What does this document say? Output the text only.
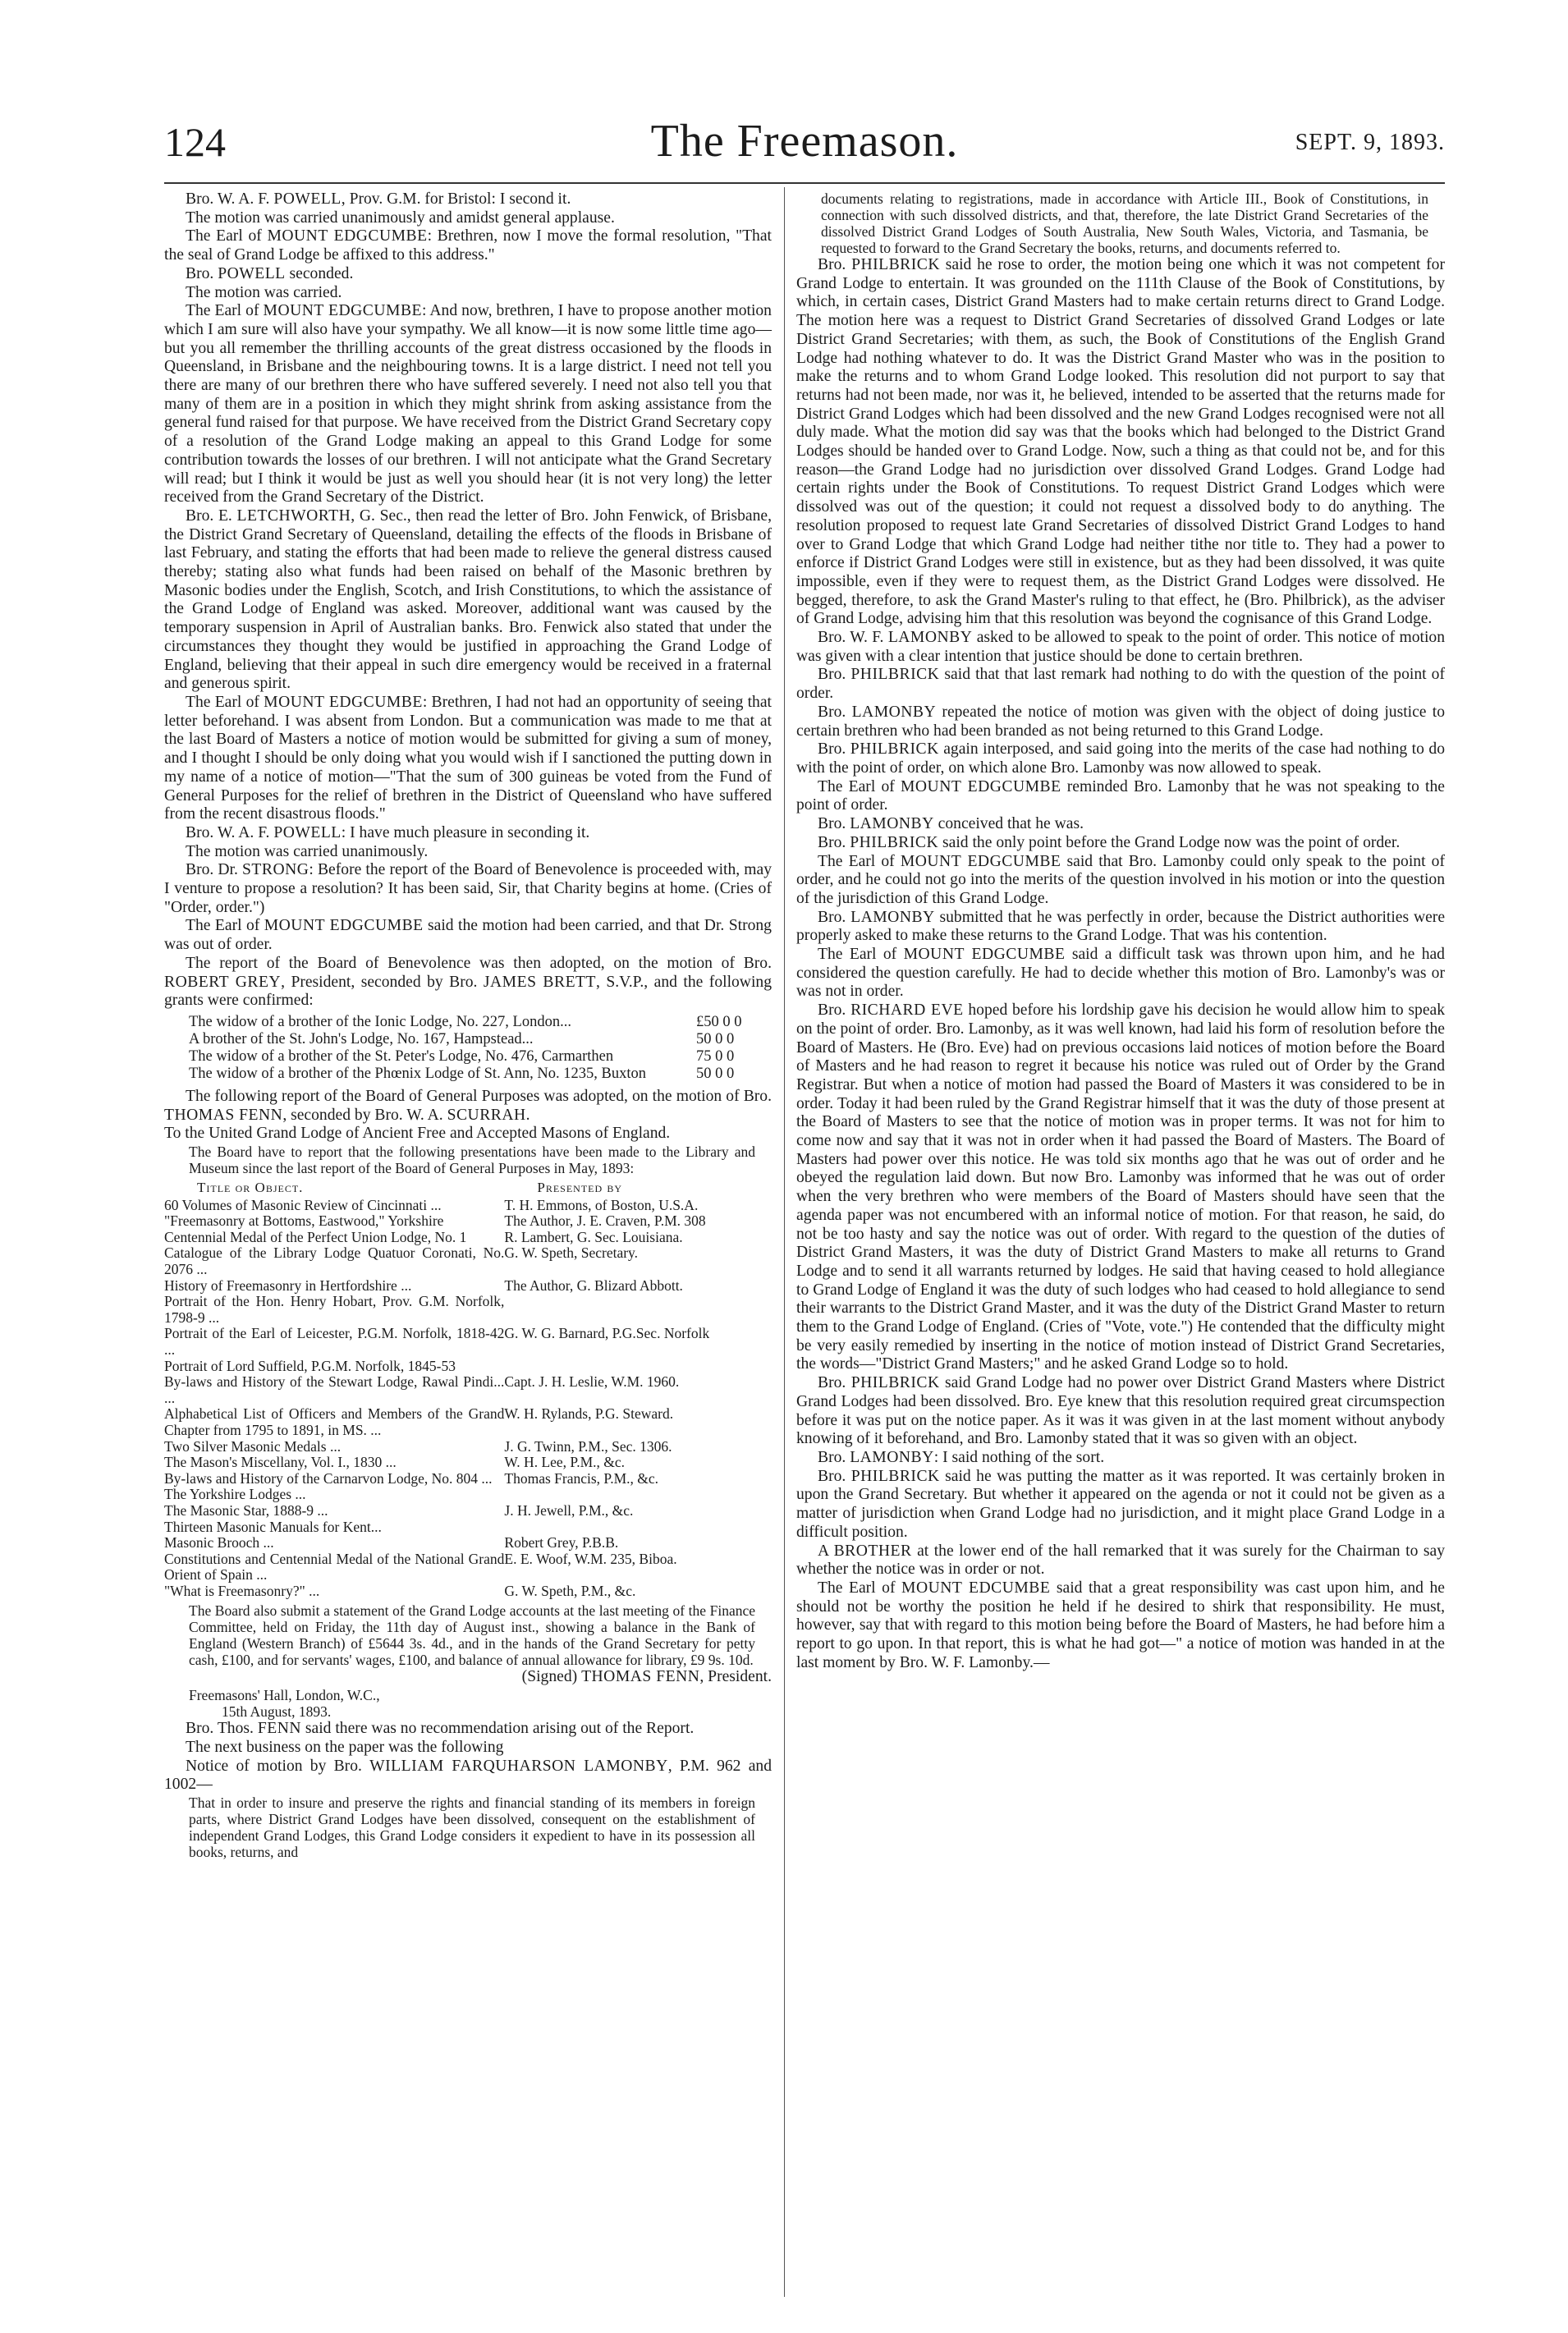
124	The Freemason.	SEPT. 9, 1893.

Bro. W. A. F. POWELL, Prov. G.M. for Bristol: I second it.

The motion was carried unanimously and amidst general applause.

The Earl of MOUNT EDGCUMBE: Brethren, now I move the formal resolution, "That the seal of Grand Lodge be affixed to this address."

Bro. POWELL seconded.

The motion was carried.

The Earl of MOUNT EDGCUMBE: And now, brethren, I have to propose another motion which I am sure will also have your sympathy. We all know—it is now some little time ago—but you all remember the thrilling accounts of the great distress occasioned by the floods in Queensland, in Brisbane and the neighbouring towns. It is a large district. I need not tell you there are many of our brethren there who have suffered severely. I need not also tell you that many of them are in a position in which they might shrink from asking assistance from the general fund raised for that purpose. We have received from the District Grand Secretary copy of a resolution of the Grand Lodge making an appeal to this Grand Lodge for some contribution towards the losses of our brethren. I will not anticipate what the Grand Secretary will read; but I think it would be just as well you should hear (it is not very long) the letter received from the Grand Secretary of the District.

Bro. E. LETCHWORTH, G. Sec., then read the letter of Bro. John Fenwick, of Brisbane, the District Grand Secretary of Queensland, detailing the effects of the floods in Brisbane of last February, and stating the efforts that had been made to relieve the general distress caused thereby; stating also what funds had been raised on behalf of the Masonic brethren by Masonic bodies under the English, Scotch, and Irish Constitutions, to which the assistance of the Grand Lodge of England was asked. Moreover, additional want was caused by the temporary suspension in April of Australian banks. Bro. Fenwick also stated that under the circumstances they thought they would be justified in approaching the Grand Lodge of England, believing that their appeal in such dire emergency would be received in a fraternal and generous spirit.

The Earl of MOUNT EDGCUMBE: Brethren, I had not had an opportunity of seeing that letter beforehand. I was absent from London. But a communication was made to me that at the last Board of Masters a notice of motion would be submitted for giving a sum of money, and I thought I should be only doing what you would wish if I sanctioned the putting down in my name of a notice of motion—"That the sum of 300 guineas be voted from the Fund of General Purposes for the relief of brethren in the District of Queensland who have suffered from the recent disastrous floods."

Bro. W. A. F. POWELL: I have much pleasure in seconding it.

The motion was carried unanimously.

Bro. Dr. STRONG: Before the report of the Board of Benevolence is proceeded with, may I venture to propose a resolution? It has been said, Sir, that Charity begins at home. (Cries of "Order, order.")

The Earl of MOUNT EDGCUMBE said the motion had been carried, and that Dr. Strong was out of order.

The report of the Board of Benevolence was then adopted, on the motion of Bro. ROBERT GREY, President, seconded by Bro. JAMES BRETT, S.V.P., and the following grants were confirmed:

The widow of a brother of the Ionic Lodge, No. 227, London...	£50 0 0
A brother of the St. John's Lodge, No. 167, Hampstead...	50 0 0
The widow of a brother of the St. Peter's Lodge, No. 476, Carmarthen	75 0 0
The widow of a brother of the Phœnix Lodge of St. Ann, No. 1235, Buxton	50 0 0

The following report of the Board of General Purposes was adopted, on the motion of Bro. THOMAS FENN, seconded by Bro. W. A. SCURRAH.

To the United Grand Lodge of Ancient Free and Accepted Masons of England.

The Board have to report that the following presentations have been made to the Library and Museum since the last report of the Board of General Purposes in May, 1893:

Title or Object.	Presented by
60 Volumes of Masonic Review of Cincinnati ...	T. H. Emmons, of Boston, U.S.A.
"Freemasonry at Bottoms, Eastwood," Yorkshire	The Author, J. E. Craven, P.M. 308
Centennial Medal of the Perfect Union Lodge, No. 1	R. Lambert, G. Sec. Louisiana.
Catalogue of the Library Lodge Quatuor Coronati, No. 2076 ...	G. W. Speth, Secretary.
History of Freemasonry in Hertfordshire ...	The Author, G. Blizard Abbott.
Portrait of the Hon. Henry Hobart, Prov. G.M. Norfolk, 1798-9 ...	
Portrait of the Earl of Leicester, P.G.M. Norfolk, 1818-42 ...	G. W. G. Barnard, P.G.Sec. Norfolk
Portrait of Lord Suffield, P.G.M. Norfolk, 1845-53	
By-laws and History of the Stewart Lodge, Rawal Pindi... ...	Capt. J. H. Leslie, W.M. 1960.
Alphabetical List of Officers and Members of the Grand Chapter from 1795 to 1891, in MS. ...	W. H. Rylands, P.G. Steward.
Two Silver Masonic Medals ...	J. G. Twinn, P.M., Sec. 1306.
The Mason's Miscellany, Vol. I., 1830 ...	W. H. Lee, P.M., &c.
By-laws and History of the Carnarvon Lodge, No. 804 ...	Thomas Francis, P.M., &c.
The Yorkshire Lodges ...	
The Masonic Star, 1888-9 ...	J. H. Jewell, P.M., &c.
Thirteen Masonic Manuals for Kent...	
Masonic Brooch ...	Robert Grey, P.B.B.
Constitutions and Centennial Medal of the National Grand Orient of Spain ...	E. E. Woof, W.M. 235, Biboa.
"What is Freemasonry?" ...	G. W. Speth, P.M., &c.

The Board also submit a statement of the Grand Lodge accounts at the last meeting of the Finance Committee, held on Friday, the 11th day of August inst., showing a balance in the Bank of England (Western Branch) of £5644 3s. 4d., and in the hands of the Grand Secretary for petty cash, £100, and for servants' wages, £100, and balance of annual allowance for library, £9 9s. 10d.

(Signed) THOMAS FENN, President.

Freemasons' Hall, London, W.C.,

15th August, 1893.

Bro. Thos. FENN said there was no recommendation arising out of the Report.

The next business on the paper was the following

Notice of motion by Bro. WILLIAM FARQUHARSON LAMONBY, P.M. 962 and 1002—

That in order to insure and preserve the rights and financial standing of its members in foreign parts, where District Grand Lodges have been dissolved, consequent on the establishment of independent Grand Lodges, this Grand Lodge considers it expedient to have in its possession all books, returns, and

documents relating to registrations, made in accordance with Article III., Book of Constitutions, in connection with such dissolved districts, and that, therefore, the late District Grand Secretaries of the dissolved District Grand Lodges of South Australia, New South Wales, Victoria, and Tasmania, be requested to forward to the Grand Secretary the books, returns, and documents referred to.

Bro. PHILBRICK said he rose to order, the motion being one which it was not competent for Grand Lodge to entertain. It was grounded on the 111th Clause of the Book of Constitutions, by which, in certain cases, District Grand Masters had to make certain returns direct to Grand Lodge. The motion here was a request to District Grand Secretaries of dissolved Grand Lodges or late District Grand Secretaries; with them, as such, the Book of Constitutions of the English Grand Lodge had nothing whatever to do. It was the District Grand Master who was in the position to make the returns and to whom Grand Lodge looked. This resolution did not purport to say that returns had not been made, nor was it, he believed, intended to be asserted that the returns made for District Grand Lodges which had been dissolved and the new Grand Lodges recognised were not all duly made. What the motion did say was that the books which had belonged to the District Grand Lodges should be handed over to Grand Lodge. Now, such a thing as that could not be, and for this reason—the Grand Lodge had no jurisdiction over dissolved Grand Lodges. Grand Lodge had certain rights under the Book of Constitutions. To request District Grand Lodges which were dissolved was out of the question; it could not request a dissolved body to do anything. The resolution proposed to request late Grand Secretaries of dissolved District Grand Lodges to hand over to Grand Lodge that which Grand Lodge had neither tithe nor title to. They had a power to enforce if District Grand Lodges were still in existence, but as they had been dissolved, it was quite impossible, even if they were to request them, as the District Grand Lodges were dissolved. He begged, therefore, to ask the Grand Master's ruling to that effect, he (Bro. Philbrick), as the adviser of Grand Lodge, advising him that this resolution was beyond the cognisance of this Grand Lodge.

Bro. W. F. LAMONBY asked to be allowed to speak to the point of order. This notice of motion was given with a clear intention that justice should be done to certain brethren.

Bro. PHILBRICK said that that last remark had nothing to do with the question of the point of order.

Bro. LAMONBY repeated the notice of motion was given with the object of doing justice to certain brethren who had been branded as not being returned to this Grand Lodge.

Bro. PHILBRICK again interposed, and said going into the merits of the case had nothing to do with the point of order, on which alone Bro. Lamonby was now allowed to speak.

The Earl of MOUNT EDGCUMBE reminded Bro. Lamonby that he was not speaking to the point of order.

Bro. LAMONBY conceived that he was.

Bro. PHILBRICK said the only point before the Grand Lodge now was the point of order.

The Earl of MOUNT EDGCUMBE said that Bro. Lamonby could only speak to the point of order, and he could not go into the merits of the question involved in his motion or into the question of the jurisdiction of this Grand Lodge.

Bro. LAMONBY submitted that he was perfectly in order, because the District authorities were properly asked to make these returns to the Grand Lodge. That was his contention.

The Earl of MOUNT EDGCUMBE said a difficult task was thrown upon him, and he had considered the question carefully. He had to decide whether this motion of Bro. Lamonby's was or was not in order.

Bro. RICHARD EVE hoped before his lordship gave his decision he would allow him to speak on the point of order. Bro. Lamonby, as it was well known, had laid his form of resolution before the Board of Masters. He (Bro. Eve) had on previous occasions laid notices of motion before the Board of Masters and he had reason to regret it because his notice was ruled out of Order by the Grand Registrar. But when a notice of motion had passed the Board of Masters it was considered to be in order. Today it had been ruled by the Grand Registrar himself that it was the duty of those present at the Board of Masters to see that the notice of motion was in proper terms. It was not for him to come now and say that it was not in order when it had passed the Board of Masters. The Board of Masters had power over this notice. He was told six months ago that he was out of order and he obeyed the regulation laid down. But now Bro. Lamonby was informed that he was out of order when the very brethren who were members of the Board of Masters should have seen that the agenda paper was not encumbered with an informal notice of motion. For that reason, he said, do not be too hasty and say the notice was out of order. With regard to the question of the duties of District Grand Masters, it was the duty of District Grand Masters to make all returns to Grand Lodge and to send it all warrants returned by lodges. He said that having ceased to hold allegiance to Grand Lodge of England it was the duty of such lodges who had ceased to hold allegiance to send their warrants to the District Grand Master, and it was the duty of the District Grand Master to return them to the Grand Lodge of England. (Cries of "Vote, vote.") He contended that the difficulty might be very easily remedied by inserting in the notice of motion instead of District Grand Secretaries, the words—"District Grand Masters;" and he asked Grand Lodge so to hold.

Bro. PHILBRICK said Grand Lodge had no power over District Grand Masters where District Grand Lodges had been dissolved. Bro. Eye knew that this resolution required great circumspection before it was put on the notice paper. As it was it was given in at the last moment without anybody knowing of it beforehand, and Bro. Lamonby stated that it was so given with an object.

Bro. LAMONBY: I said nothing of the sort.

Bro. PHILBRICK said he was putting the matter as it was reported. It was certainly broken in upon the Grand Secretary. But whether it appeared on the agenda or not it could not be given as a matter of jurisdiction when Grand Lodge had no jurisdiction, and it might place Grand Lodge in a difficult position.

A BROTHER at the lower end of the hall remarked that it was surely for the Chairman to say whether the notice was in order or not.

The Earl of MOUNT EDCUMBE said that a great responsibility was cast upon him, and he should not be worthy the position he held if he desired to shirk that responsibility. He must, however, say that with regard to this motion being before the Board of Masters, he had before him a report to go upon. In that report, this is what he had got—" a notice of motion was handed in at the last moment by Bro. W. F. Lamonby.—
